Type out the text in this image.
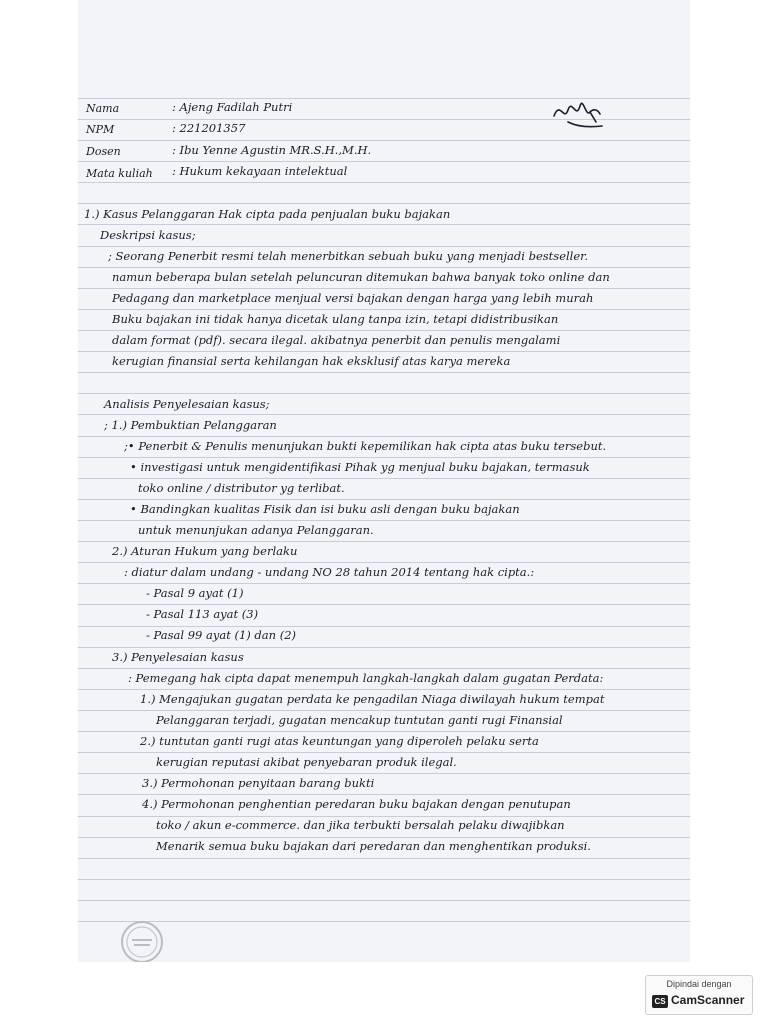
Nama	: Ajeng Fadilah Putri
NPM	: 221201357
Dosen	: Ibu Yenne Agustin MR.S.H.,M.H.
Mata kuliah : Hukum kekayaan intelektual
1.) Kasus Pelanggaran Hak cipta pada penjualan buku bajakan
Deskripsi kasus;
; Seorang Penerbit resmi telah menerbitkan sebuah buku yang menjadi bestseller.
namun beberapa bulan setelah peluncuran ditemukan bahwa banyak toko online dan
Pedagang dan marketplace menjual versi bajakan dengan harga yang lebih murah
Buku bajakan ini tidak hanya dicetak ulang tanpa izin, tetapi didistribusikan
dalam format (pdf). secara ilegal. akibatnya penerbit dan penulis mengalami
kerugian finansial serta kehilangan hak eksklusif atas karya mereka
Analisis Penyelesaian kasus;
; 1.) Pembuktian Pelanggaran
;• Penerbit & Penulis menunjukan bukti kepemilikan hak cipta atas buku tersebut.
• investigasi untuk mengidentifikasi Pihak yg menjual buku bajakan, termasuk
toko online / distributor yg terlibat.
• Bandingkan kualitas Fisik dan isi buku asli dengan buku bajakan
untuk menunjukan adanya Pelanggaran.
2.) Aturan Hukum yang berlaku
: diatur dalam undang - undang NO 28 tahun 2014 tentang hak cipta.:
- Pasal 9 ayat (1)
- Pasal 113 ayat (3)
- Pasal 99 ayat (1) dan (2)
3.) Penyelesaian kasus
: Pemegang hak cipta dapat menempuh langkah-langkah dalam gugatan Perdata:
1.) Mengajukan gugatan perdata ke pengadilan Niaga diwilayah hukum tempat
Pelanggaran terjadi, gugatan mencakup tuntutan ganti rugi Finansial
2.) tuntutan ganti rugi atas keuntungan yang diperoleh pelaku serta
kerugian reputasi akibat penyebaran produk ilegal.
3.) Permohonan penyitaan barang bukti
4.) Permohonan penghentian peredaran buku bajakan dengan penutupan
toko / akun e-commerce. dan jika terbukti bersalah pelaku diwajibkan
Menarik semua buku bajakan dari peredaran dan menghentikan produksi.
Dipindai dengan
CS CamScanner
